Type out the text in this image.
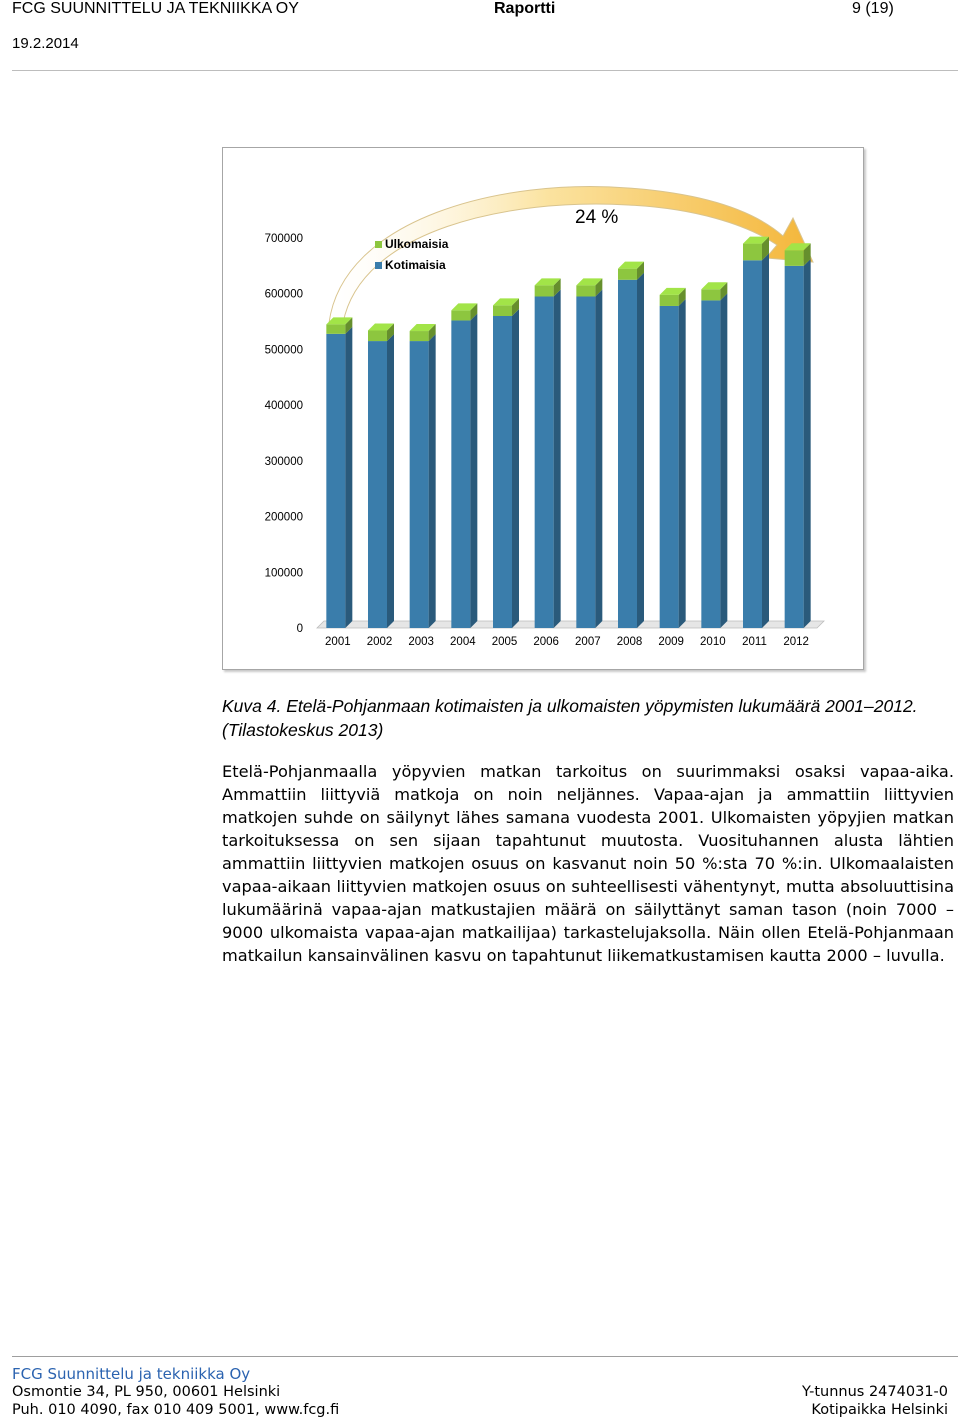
FCG SUUNNITTELU JA TEKNIIKKA OY	Raportti	9 (19)
19.2.2014
0
100000
200000
300000
400000
500000
600000
700000
2001 2002 2003 2004 2005 2006 2007 2008 2009 2010 2011 2012
24 %
Ulkomaisia
Kotimaisia
Kuva 4. Etelä-Pohjanmaan kotimaisten ja ulkomaisten yöpymisten lukumäärä 2001–2012. (Tilastokeskus 2013)
Etelä-Pohjanmaalla yöpyvien matkan tarkoitus on suurimmaksi osaksi vapaa-aika. Ammattiin liittyviä matkoja on noin neljännes. Vapaa-ajan ja ammattiin liittyvien matkojen suhde on säilynyt lähes samana vuodesta 2001. Ulkomaisten yöpyjien matkan tarkoituksessa on sen sijaan tapahtunut muutosta. Vuosituhannen alusta lähtien ammattiin liittyvien matkojen osuus on kasvanut noin 50 %:sta 70 %:in. Ulkomaalaisten vapaa-aikaan liittyvien matkojen osuus on suhteellisesti vähentynyt, mutta absoluuttisina lukumäärinä vapaa-ajan matkustajien määrä on säilyttänyt saman tason (noin 7000 – 9000 ulkomaista vapaa-ajan matkailijaa) tarkastelujaksolla. Näin ollen Etelä-Pohjanmaan matkailun kansainvälinen kasvu on tapahtunut liikematkustamisen kautta 2000 – luvulla.
FCG Suunnittelu ja tekniikka Oy
Osmontie 34, PL 950, 00601 Helsinki
Puh. 010 4090, fax 010 409 5001, www.fcg.fi
Y-tunnus 2474031-0
Kotipaikka Helsinki
